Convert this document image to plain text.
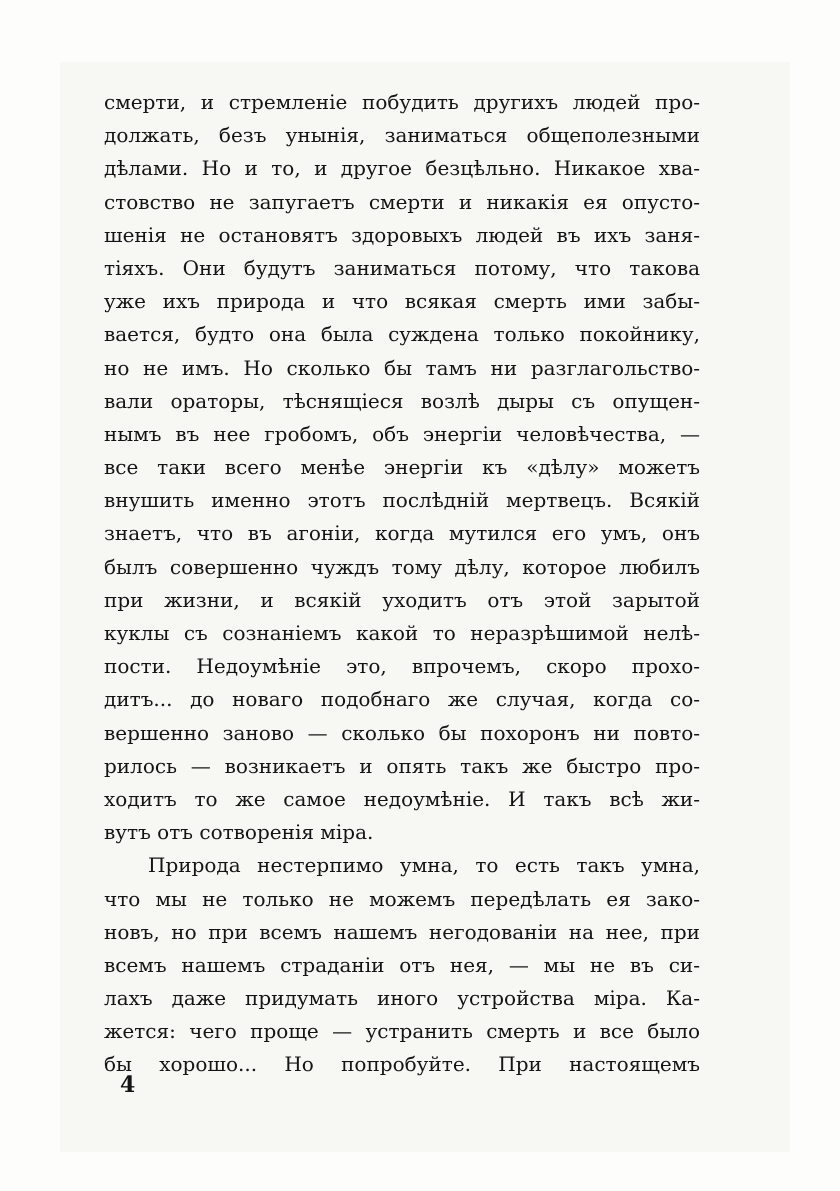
смерти, и стремленіе побудить другихъ людей про-
должать, безъ унынія, заниматься общеполезными
дѣлами. Но и то, и другое безцѣльно. Никакое хва-
стовство не запугаетъ смерти и никакія ея опусто-
шенія не остановятъ здоровыхъ людей въ ихъ заня-
тіяхъ. Они будутъ заниматься потому, что такова
уже ихъ природа и что всякая смерть ими забы-
вается, будто она была суждена только покойнику,
но не имъ. Но сколько бы тамъ ни разглагольство-
вали ораторы, тѣснящіеся возлѣ дыры съ опущен-
нымъ въ нее гробомъ, объ энергіи человѣчества, —
все таки всего менѣе энергіи къ «дѣлу» можетъ
внушить именно этотъ послѣдній мертвецъ. Всякій
знаетъ, что въ агоніи, когда мутился его умъ, онъ
былъ совершенно чуждъ тому дѣлу, которое любилъ
при жизни, и всякій уходитъ отъ этой зарытой
куклы съ сознаніемъ какой то неразрѣшимой нелѣ-
пости. Недоумѣніе это, впрочемъ, скоро прохо-
дитъ... до новаго подобнаго же случая, когда со-
вершенно заново — сколько бы похоронъ ни повто-
рилось — возникаетъ и опять такъ же быстро про-
ходитъ то же самое недоумѣніе. И такъ всѣ жи-
вутъ отъ сотворенія міра.
Природа нестерпимо умна, то есть такъ умна,
что мы не только не можемъ передѣлать ея зако-
новъ, но при всемъ нашемъ негодованіи на нее, при
всемъ нашемъ страданіи отъ нея, — мы не въ си-
лахъ даже придумать иного устройства міра. Ка-
жется: чего проще — устранить смерть и все было
бы хорошо... Но попробуйте. При настоящемъ
4
